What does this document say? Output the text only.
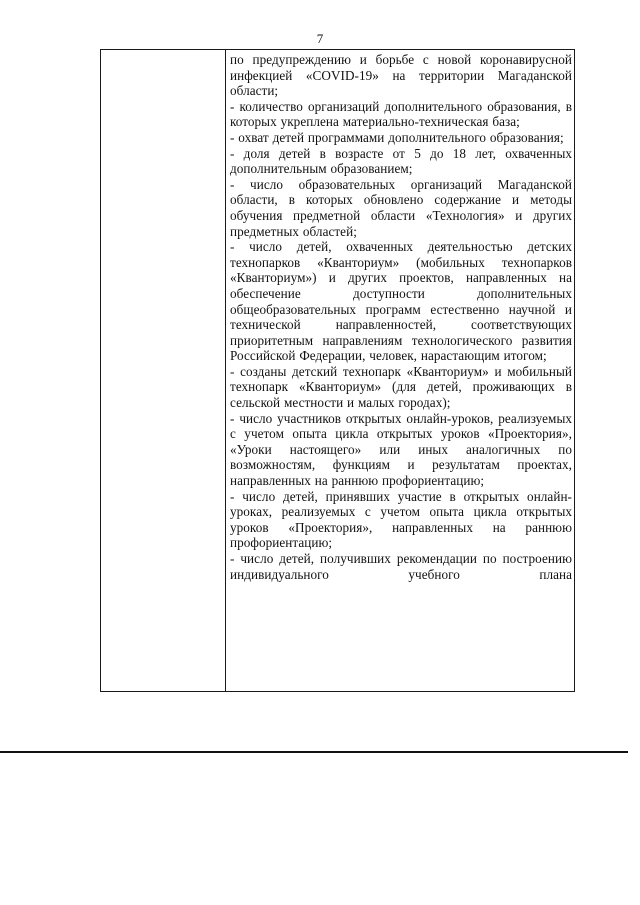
7

по предупреждению и борьбе с новой коронавирусной инфекцией «COVID-19» на территории Магаданской области;

- количество организаций дополнительного образования, в которых укреплена материально-техническая база;

- охват детей программами дополнительного образования;

- доля детей в возрасте от 5 до 18 лет, охваченных дополнительным образованием;

- число образовательных организаций Магаданской области, в которых обновлено содержание и методы обучения предметной области «Технология» и других предметных областей;

- число детей, охваченных деятельностью детских технопарков «Кванториум» (мобильных технопарков «Кванториум») и других проектов, направленных на обеспечение доступности дополнительных общеобразовательных программ естественно научной и технической направленностей, соответствующих приоритетным направлениям технологического развития Российской Федерации, человек, нарастающим итогом;

- созданы детский технопарк «Кванториум» и мобильный технопарк «Кванториум» (для детей, проживающих в сельской местности и малых городах);

- число участников открытых онлайн-уроков, реализуемых с учетом опыта цикла открытых уроков «Проектория», «Уроки настоящего» или иных аналогичных по возможностям, функциям и результатам проектах, направленных на раннюю профориентацию;

- число детей, принявших участие в открытых онлайн-уроках, реализуемых с учетом опыта цикла открытых уроков «Проектория», направленных на раннюю профориентацию;

- число детей, получивших рекомендации по построению индивидуального учебного плана
